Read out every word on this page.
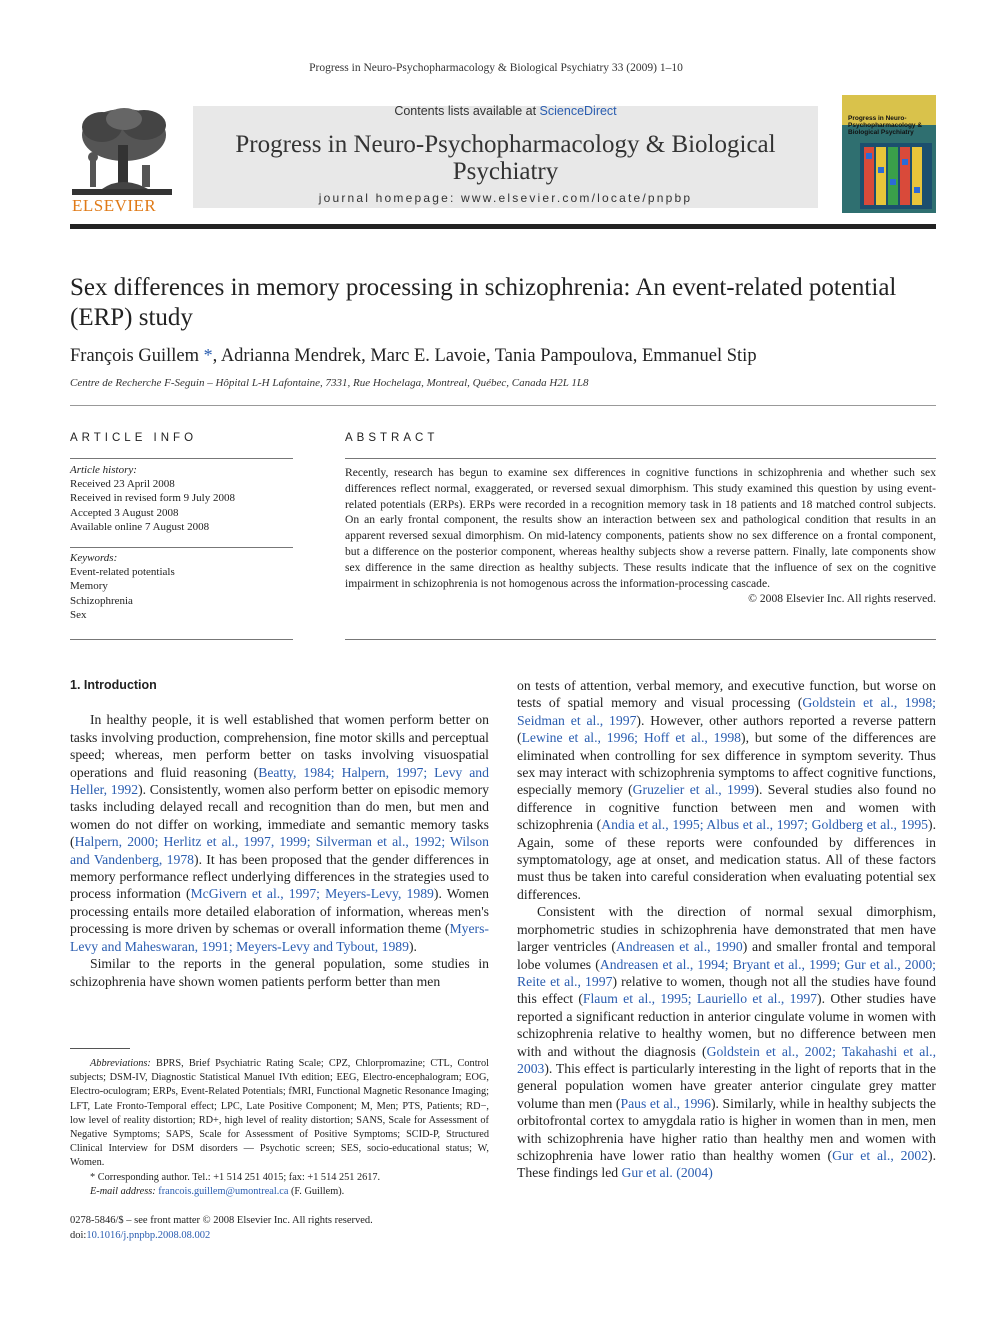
Progress in Neuro-Psychopharmacology & Biological Psychiatry 33 (2009) 1–10
ELSEVIER
Contents lists available at ScienceDirect
Progress in Neuro-Psychopharmacology & Biological Psychiatry
journal homepage: www.elsevier.com/locate/pnpbp
Progress in Neuro-Psychopharmacology & Biological Psychiatry
Sex differences in memory processing in schizophrenia: An event-related potential (ERP) study
François Guillem *, Adrianna Mendrek, Marc E. Lavoie, Tania Pampoulova, Emmanuel Stip
Centre de Recherche F-Seguin – Hôpital L-H Lafontaine, 7331, Rue Hochelaga, Montreal, Québec, Canada H2L 1L8
ARTICLE INFO	ABSTRACT
Article history:
Received 23 April 2008
Received in revised form 9 July 2008
Accepted 3 August 2008
Available online 7 August 2008
Keywords:
Event-related potentials
Memory
Schizophrenia
Sex
Recently, research has begun to examine sex differences in cognitive functions in schizophrenia and whether such sex differences reflect normal, exaggerated, or reversed sexual dimorphism. This study examined this question by using event-related potentials (ERPs). ERPs were recorded in a recognition memory task in 18 patients and 18 matched control subjects. On an early frontal component, the results show an interaction between sex and pathological condition that results in an apparent reversed sexual dimorphism. On mid-latency components, patients show no sex difference on a frontal component, but a difference on the posterior component, whereas healthy subjects show a reverse pattern. Finally, late components show sex difference in the same direction as healthy subjects. These results indicate that the influence of sex on the cognitive impairment in schizophrenia is not homogenous across the information-processing cascade.
© 2008 Elsevier Inc. All rights reserved.
1. Introduction

In healthy people, it is well established that women perform better on tasks involving production, comprehension, fine motor skills and perceptual speed; whereas, men perform better on tasks involving visuospatial operations and fluid reasoning (Beatty, 1984; Halpern, 1997; Levy and Heller, 1992). Consistently, women also perform better on episodic memory tasks including delayed recall and recognition than do men, but men and women do not differ on working, immediate and semantic memory tasks (Halpern, 2000; Herlitz et al., 1997, 1999; Silverman et al., 1992; Wilson and Vandenberg, 1978). It has been proposed that the gender differences in memory performance reflect underlying differences in the strategies used to process information (McGivern et al., 1997; Meyers-Levy, 1989). Women processing entails more detailed elaboration of information, whereas men's processing is more driven by schemas or overall information theme (Myers-Levy and Maheswaran, 1991; Meyers-Levy and Tybout, 1989).

Similar to the reports in the general population, some studies in schizophrenia have shown women patients perform better than men

Abbreviations: BPRS, Brief Psychiatric Rating Scale; CPZ, Chlorpromazine; CTL, Control subjects; DSM-IV, Diagnostic Statistical Manuel IVth edition; EEG, Electro-encephalogram; EOG, Electro-oculogram; ERPs, Event-Related Potentials; fMRI, Functional Magnetic Resonance Imaging; LFT, Late Fronto-Temporal effect; LPC, Late Positive Component; M, Men; PTS, Patients; RD−, low level of reality distortion; RD+, high level of reality distortion; SANS, Scale for Assessment of Negative Symptoms; SAPS, Scale for Assessment of Positive Symptoms; SCID-P, Structured Clinical Interview for DSM disorders — Psychotic screen; SES, socio-educational status; W, Women.

* Corresponding author. Tel.: +1 514 251 4015; fax: +1 514 251 2617.

E-mail address: francois.guillem@umontreal.ca (F. Guillem).

0278-5846/$ – see front matter © 2008 Elsevier Inc. All rights reserved.
doi:10.1016/j.pnpbp.2008.08.002

on tests of attention, verbal memory, and executive function, but worse on tests of spatial memory and visual processing (Goldstein et al., 1998; Seidman et al., 1997). However, other authors reported a reverse pattern (Lewine et al., 1996; Hoff et al., 1998), but some of the differences are eliminated when controlling for sex difference in symptom severity. Thus sex may interact with schizophrenia symptoms to affect cognitive functions, especially memory (Gruzelier et al., 1999). Several studies also found no difference in cognitive function between men and women with schizophrenia (Andia et al., 1995; Albus et al., 1997; Goldberg et al., 1995). Again, some of these reports were confounded by differences in symptomatology, age at onset, and medication status. All of these factors must thus be taken into careful consideration when evaluating potential sex differences.

Consistent with the direction of normal sexual dimorphism, morphometric studies in schizophrenia have demonstrated that men have larger ventricles (Andreasen et al., 1990) and smaller frontal and temporal lobe volumes (Andreasen et al., 1994; Bryant et al., 1999; Gur et al., 2000; Reite et al., 1997) relative to women, though not all the studies have found this effect (Flaum et al., 1995; Lauriello et al., 1997). Other studies have reported a significant reduction in anterior cingulate volume in women with schizophrenia relative to healthy women, but no difference between men with and without the diagnosis (Goldstein et al., 2002; Takahashi et al., 2003). This effect is particularly interesting in the light of reports that in the general population women have greater anterior cingulate grey matter volume than men (Paus et al., 1996). Similarly, while in healthy subjects the orbitofrontal cortex to amygdala ratio is higher in women than in men, men with schizophrenia have higher ratio than healthy men and women with schizophrenia have lower ratio than healthy women (Gur et al., 2002). These findings led Gur et al. (2004)
